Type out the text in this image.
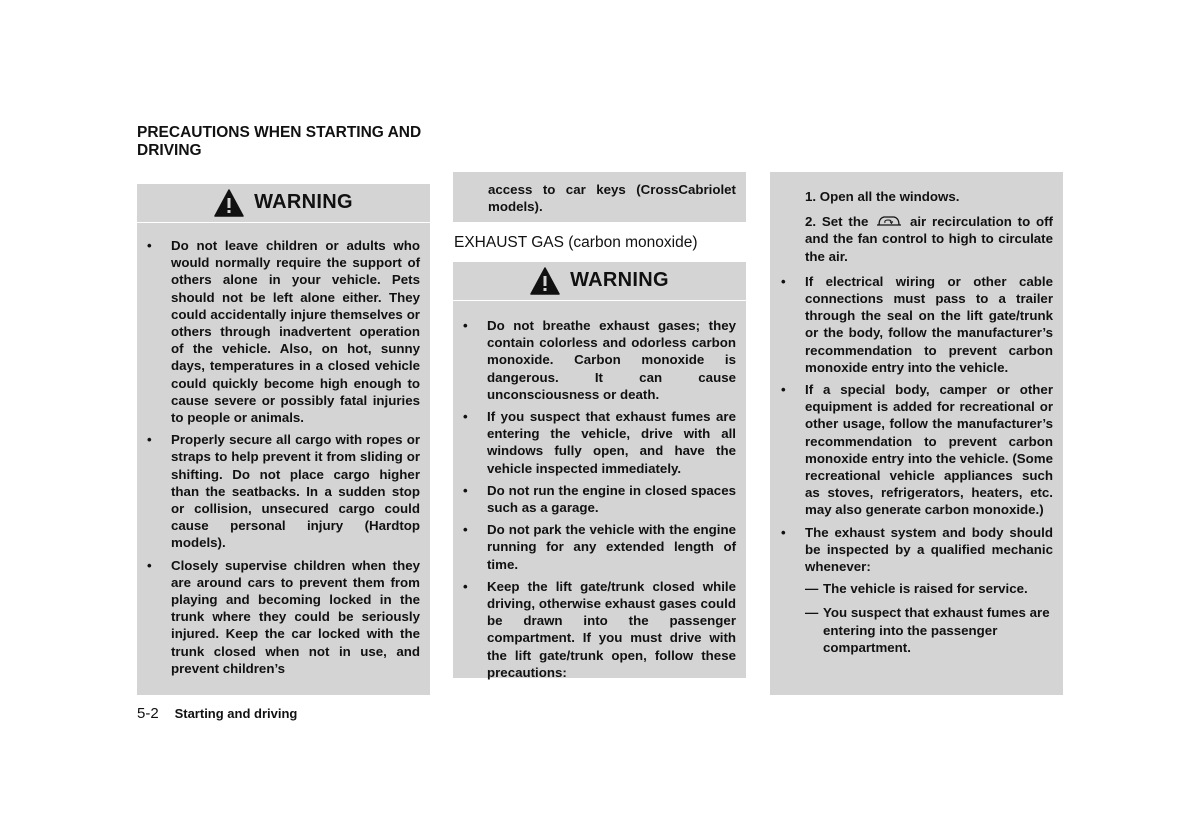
PRECAUTIONS WHEN STARTING AND DRIVING
WARNING
• Do not leave children or adults who would normally require the support of others alone in your vehicle. Pets should not be left alone either. They could accidentally injure themselves or others through inadvertent operation of the vehicle. Also, on hot, sunny days, temperatures in a closed vehicle could quickly become high enough to cause severe or possibly fatal injuries to people or animals.
• Properly secure all cargo with ropes or straps to help prevent it from sliding or shifting. Do not place cargo higher than the seatbacks. In a sudden stop or collision, unsecured cargo could cause personal injury (Hardtop models).
• Closely supervise children when they are around cars to prevent them from playing and becoming locked in the trunk where they could be seriously injured. Keep the car locked with the trunk closed when not in use, and prevent children’s

access to car keys (CrossCabriolet models).

EXHAUST GAS (carbon monoxide)
WARNING
• Do not breathe exhaust gases; they contain colorless and odorless carbon monoxide. Carbon monoxide is dangerous. It can cause unconsciousness or death.
• If you suspect that exhaust fumes are entering the vehicle, drive with all windows fully open, and have the vehicle inspected immediately.
• Do not run the engine in closed spaces such as a garage.
• Do not park the vehicle with the engine running for any extended length of time.
• Keep the lift gate/trunk closed while driving, otherwise exhaust gases could be drawn into the passenger compartment. If you must drive with the lift gate/trunk open, follow these precautions:

1. Open all the windows.

2. Set the	air recirculation to off and the fan control to high to circulate the air.

• If electrical wiring or other cable connections must pass to a trailer through the seal on the lift gate/trunk or the body, follow the manufacturer’s recommendation to prevent carbon monoxide entry into the vehicle.
• If a special body, camper or other equipment is added for recreational or other usage, follow the manufacturer’s recommendation to prevent carbon monoxide entry into the vehicle. (Some recreational vehicle appliances such as stoves, refrigerators, heaters, etc. may also generate carbon monoxide.)
• The exhaust system and body should be inspected by a qualified mechanic whenever:
— The vehicle is raised for service.
— You suspect that exhaust fumes are entering into the passenger compartment.
5-2 Starting and driving
